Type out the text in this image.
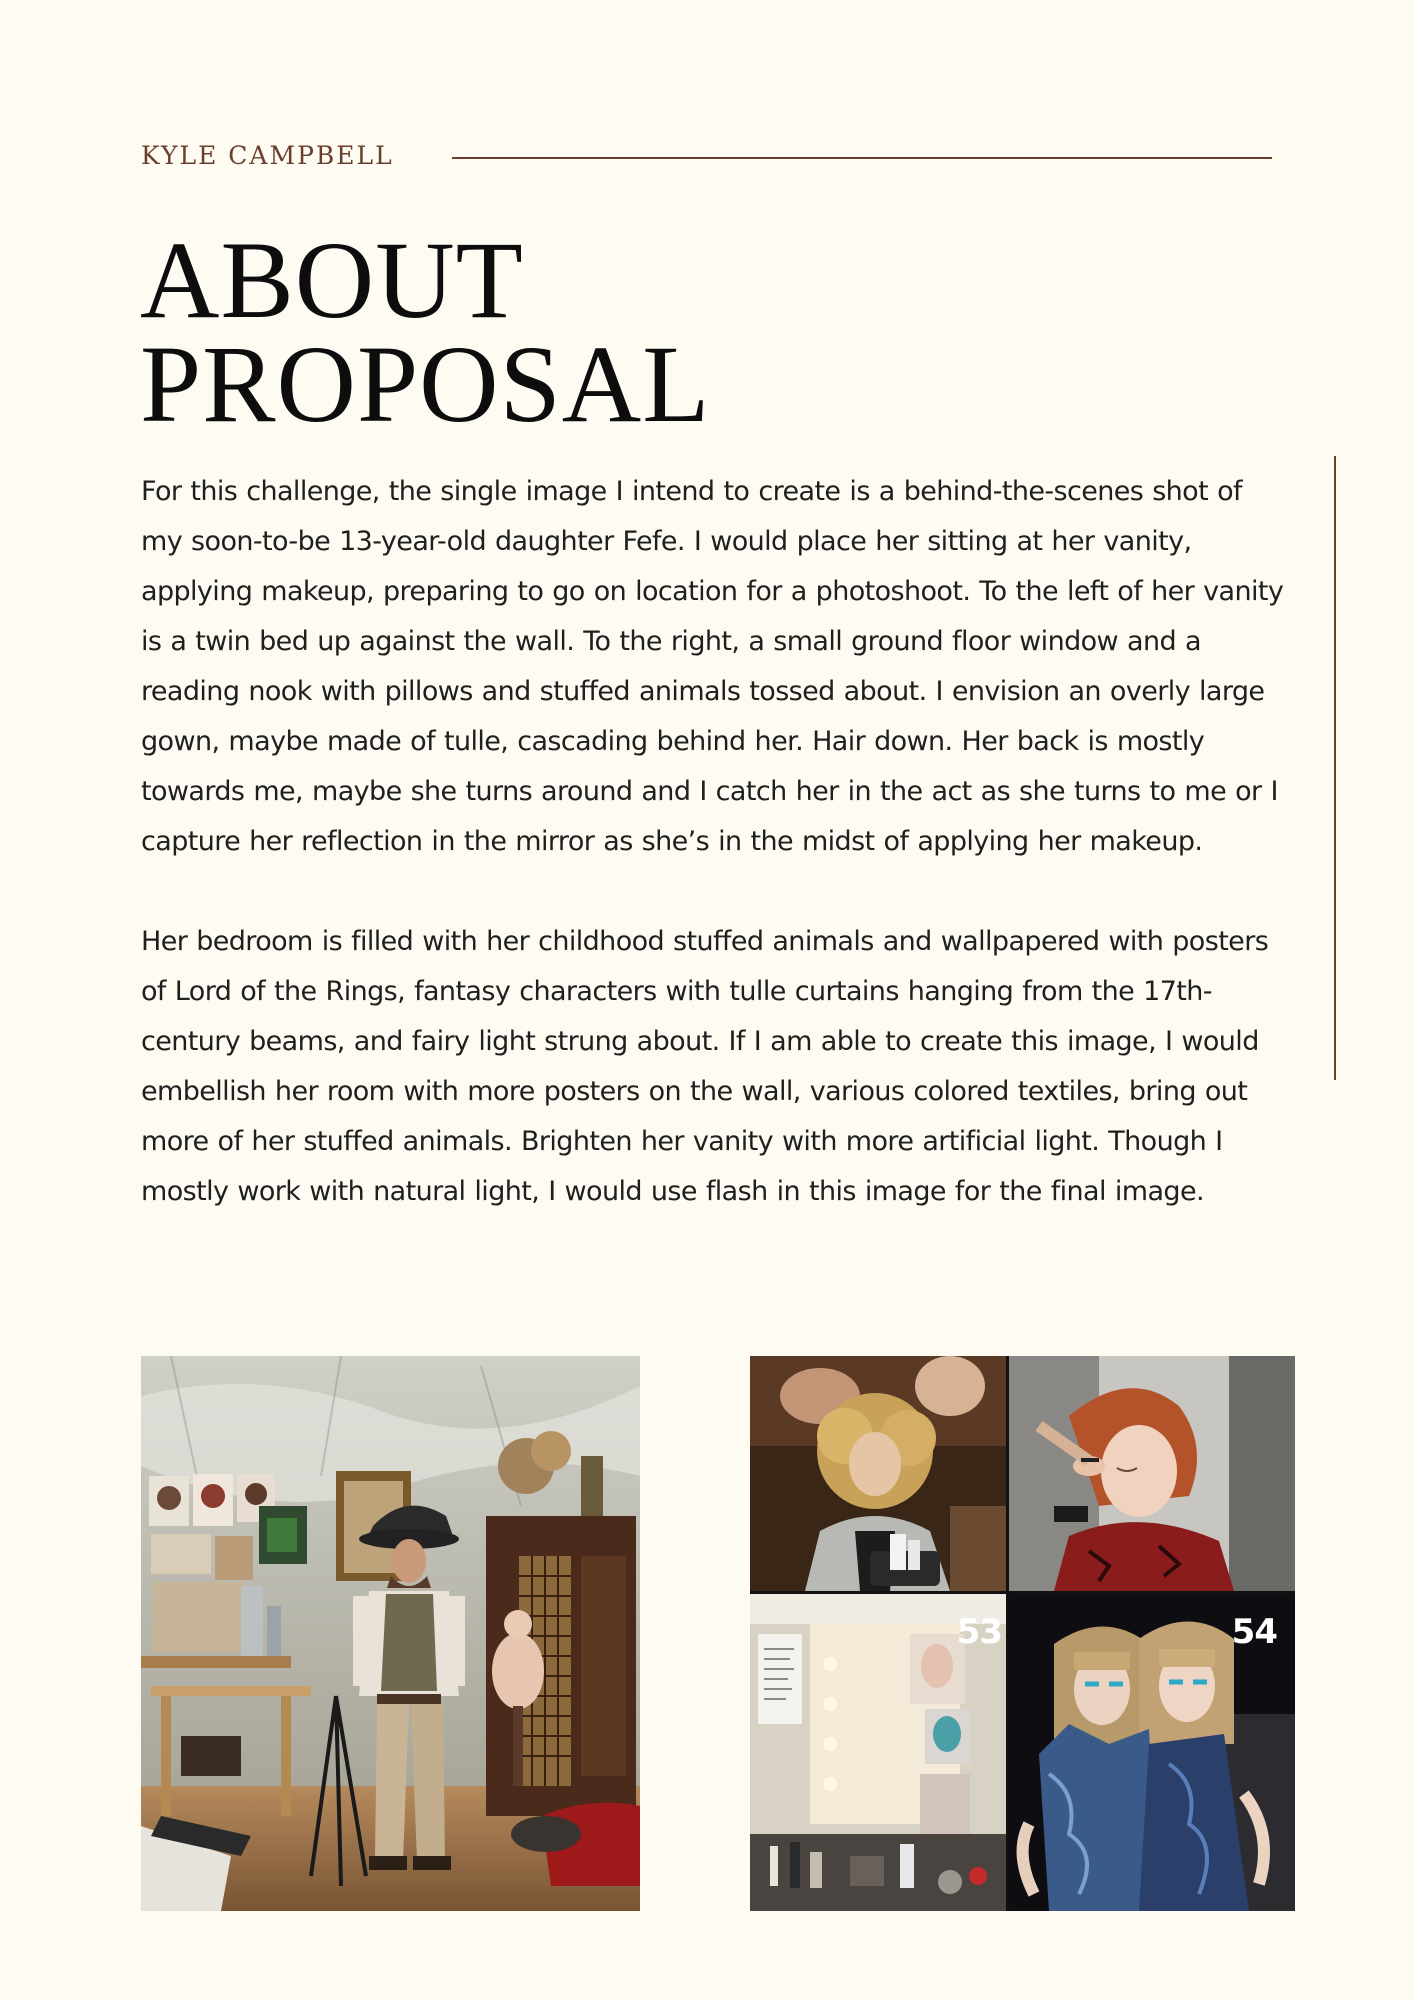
KYLE CAMPBELL
ABOUT
PROPOSAL

For this challenge, the single image I intend to create is a behind-the-scenes shot of my soon-to-be 13-year-old daughter Fefe. I would place her sitting at her vanity, applying makeup, preparing to go on location for a photoshoot. To the left of her vanity is a twin bed up against the wall. To the right, a small ground floor window and a reading nook with pillows and stuffed animals tossed about. I envision an overly large gown, maybe made of tulle, cascading behind her. Hair down. Her back is mostly towards me, maybe she turns around and I catch her in the act as she turns to me or I capture her reflection in the mirror as she’s in the midst of applying her makeup.

Her bedroom is filled with her childhood stuffed animals and wallpapered with posters of Lord of the Rings, fantasy characters with tulle curtains hanging from the 17th-century beams, and fairy light strung about. If I am able to create this image, I would embellish her room with more posters on the wall, various colored textiles, bring out more of her stuffed animals. Brighten her vanity with more artificial light. Though I mostly work with natural light, I would use flash in this image for the final image.

53	54
